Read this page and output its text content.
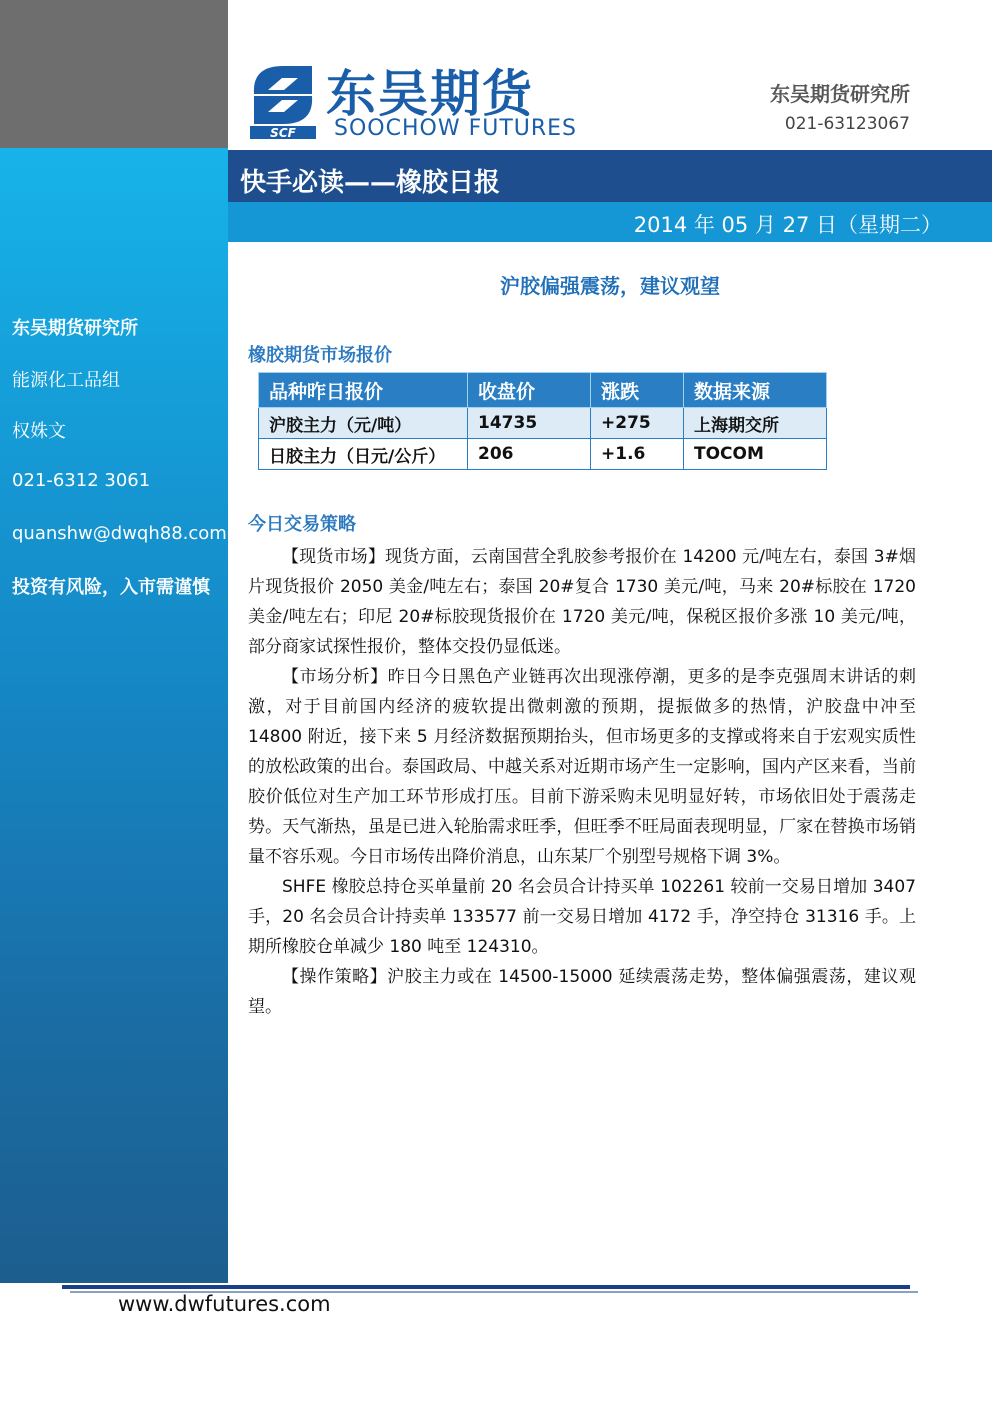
东吴期货研究所
能源化工品组
权姝文
021-6312 3061
quanshw@dwqh88.com
投资有风险，入市需谨慎
SCF
东吴期货
SOOCHOW FUTURES
东吴期货研究所
021-63123067
快手必读——橡胶日报
2014 年 05 月 27 日（星期二）
沪胶偏强震荡，建议观望
橡胶期货市场报价
品种昨日报价	收盘价	涨跌	数据来源
沪胶主力（元/吨）	14735	+275	上海期交所
日胶主力（日元/公斤）	206	+1.6	TOCOM
今日交易策略

【现货市场】现货方面，云南国营全乳胶参考报价在 14200 元/吨左右，泰国 3#烟片现货报价 2050 美金/吨左右；泰国 20#复合 1730 美元/吨，马来 20#标胶在 1720 美金/吨左右；印尼 20#标胶现货报价在 1720 美元/吨，保税区报价多涨 10 美元/吨，部分商家试探性报价，整体交投仍显低迷。

【市场分析】昨日今日黑色产业链再次出现涨停潮，更多的是李克强周末讲话的刺激，对于目前国内经济的疲软提出微刺激的预期，提振做多的热情，沪胶盘中冲至 14800 附近，接下来 5 月经济数据预期抬头，但市场更多的支撑或将来自于宏观实质性的放松政策的出台。泰国政局、中越关系对近期市场产生一定影响，国内产区来看，当前胶价低位对生产加工环节形成打压。目前下游采购未见明显好转，市场依旧处于震荡走势。天气渐热，虽是已进入轮胎需求旺季，但旺季不旺局面表现明显，厂家在替换市场销量不容乐观。今日市场传出降价消息，山东某厂个别型号规格下调 3%。

SHFE 橡胶总持仓买单量前 20 名会员合计持买单 102261 较前一交易日增加 3407 手，20 名会员合计持卖单 133577 前一交易日增加 4172 手，净空持仓 31316 手。上期所橡胶仓单减少 180 吨至 124310。

【操作策略】沪胶主力或在 14500-15000 延续震荡走势，整体偏强震荡，建议观望。

www.dwfutures.com
